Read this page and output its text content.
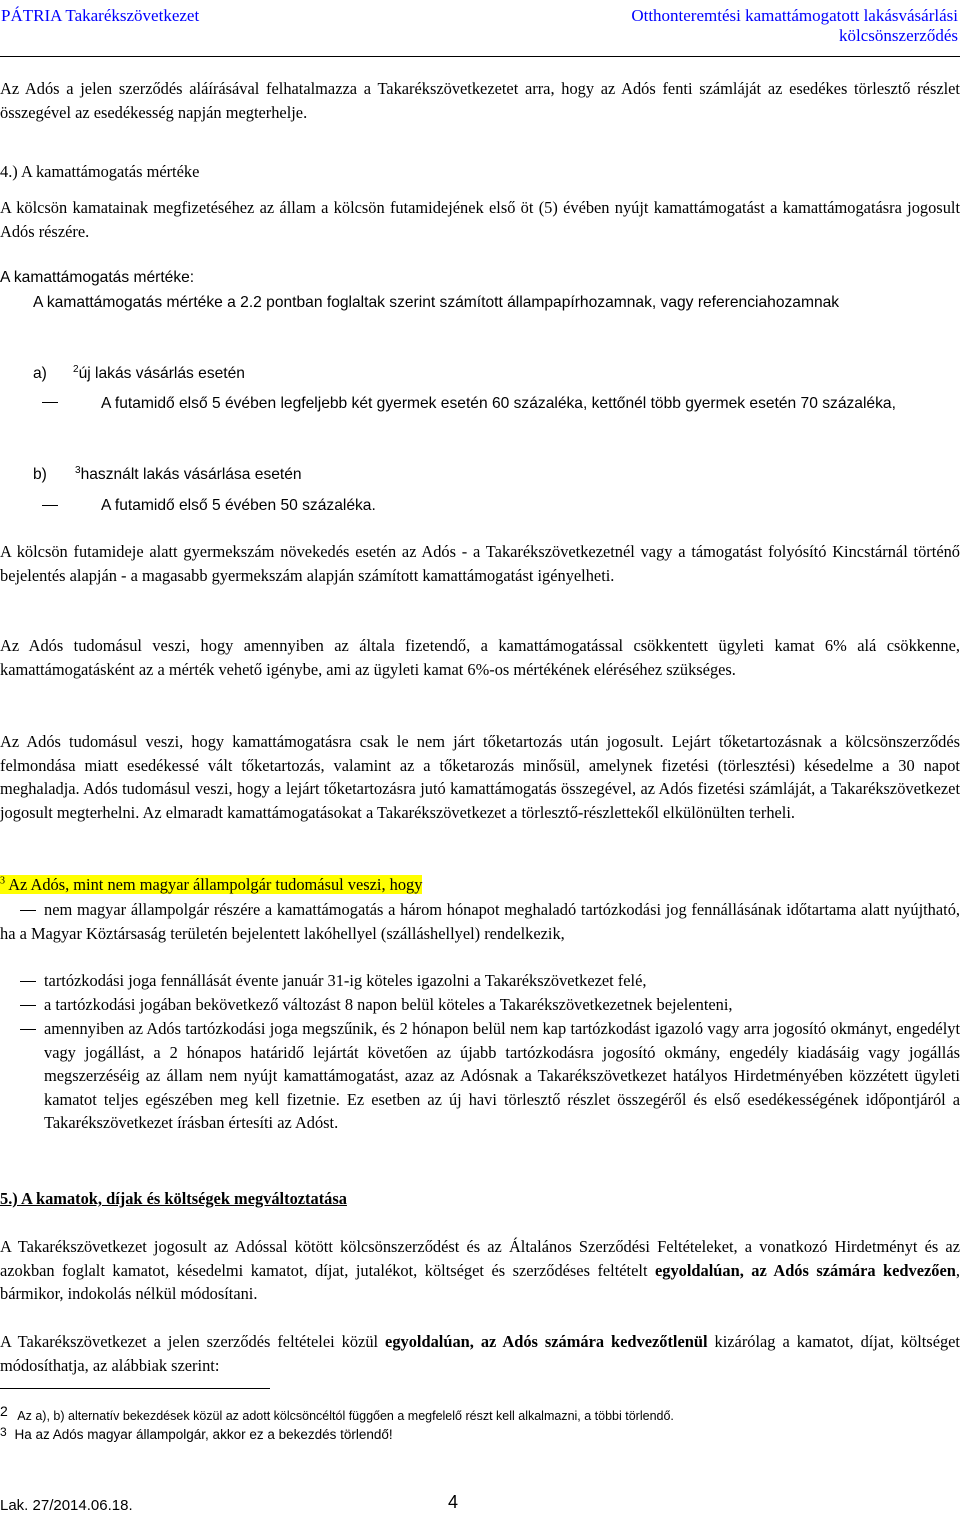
PÁTRIA Takarékszövetkezet	Otthonteremtési kamattámogatott lakásvásárlási
kölcsönszerződés

Az Adós a jelen szerződés aláírásával felhatalmazza a Takarékszövetkezetet arra, hogy az Adós fenti számláját az esedékes törlesztő részlet összegével az esedékesség napján megterhelje.

4.) A kamattámogatás mértéke

A kölcsön kamatainak megfizetéséhez az állam a kölcsön futamidejének első öt (5) évében nyújt kamattámogatást a kamattámogatásra jogosult Adós részére.

A kamattámogatás mértéke:

A kamattámogatás mértéke a 2.2 pontban foglaltak szerint számított állampapírhozamnak, vagy referenciahozamnak

a)	$^2$új lakás vásárlás esetén

A futamidő első 5 évében legfeljebb két gyermek esetén 60 százaléka, kettőnél több gyermek esetén 70 százaléka,

b)	$^3$használt lakás vásárlása esetén
A futamidő első 5 évében 50 százaléka.

A kölcsön futamideje alatt gyermekszám növekedés esetén az Adós - a Takarékszövetkezetnél vagy a támogatást folyósító Kincstárnál történő bejelentés alapján - a magasabb gyermekszám alapján számított kamattámogatást igényelheti.

Az Adós tudomásul veszi, hogy amennyiben az általa fizetendő, a kamattámogatással csökkentett ügyleti kamat 6% alá csökkenne, kamattámogatásként az a mérték vehető igénybe, ami az ügyleti kamat 6%-os mértékének eléréséhez szükséges.

Az Adós tudomásul veszi, hogy kamattámogatásra csak le nem járt tőketartozás után jogosult. Lejárt tőketartozásnak a kölcsönszerződés felmondása miatt esedékessé vált tőketartozás, valamint az a tőketarozás minősül, amelynek fizetési (törlesztési) késedelme a 30 napot meghaladja. Adós tudomásul veszi, hogy a lejárt tőketartozásra jutó kamattámogatás összegével, az Adós fizetési számláját, a Takarékszövetkezet jogosult megterhelni. Az elmaradt kamattámogatásokat a Takarékszövetkezet a törlesztő-részlettekől elkülönülten terheli.

$^3$ Az Adós, mint nem magyar állampolgár tudomásul veszi, hogy

nem magyar állampolgár részére a kamattámogatás a három hónapot meghaladó tartózkodási jog fennállásának időtartama alatt nyújtható, ha a Magyar Köztársaság területén bejelentett lakóhellyel (szálláshellyel) rendelkezik,

tartózkodási joga fennállását évente január 31-ig köteles igazolni a Takarékszövetkezet felé,

a tartózkodási jogában bekövetkező változást 8 napon belül köteles a Takarékszövetkezetnek bejelenteni,

amennyiben az Adós tartózkodási joga megszűnik, és 2 hónapon belül nem kap tartózkodást igazoló vagy arra jogosító okmányt, engedélyt vagy jogállást, a 2 hónapos határidő lejártát követően az újabb tartózkodásra jogosító okmány, engedély kiadásáig vagy jogállás megszerzéséig az állam nem nyújt kamattámogatást, azaz az Adósnak a Takarékszövetkezet hatályos Hirdetményében közzétett ügyleti kamatot teljes egészében meg kell fizetnie. Ez esetben az új havi törlesztő részlet összegéről és első esedékességének időpontjáról a Takarékszövetkezet írásban értesíti az Adóst.

5.) A kamatok, díjak és költségek megváltoztatása

A Takarékszövetkezet jogosult az Adóssal kötött kölcsönszerződést és az Általános Szerződési Feltételeket, a vonatkozó Hirdetményt és az azokban foglalt kamatot, késedelmi kamatot, díjat, jutalékot, költséget és szerződéses feltételt egyoldalúan, az Adós számára kedvezően, bármikor, indokolás nélkül módosítani.

A Takarékszövetkezet a jelen szerződés feltételei közül egyoldalúan, az Adós számára kedvezőtlenül kizárólag a kamatot, díjat, költséget módosíthatja, az alábbiak szerint:

2 Az a), b) alternatív bekezdések közül az adott kölcsöncéltól függően a megfelelő részt kell alkalmazni, a többi törlendő.
3 Ha az Adós magyar állampolgár, akkor ez a bekezdés törlendő!
Lak. 27/2014.06.18.	4
